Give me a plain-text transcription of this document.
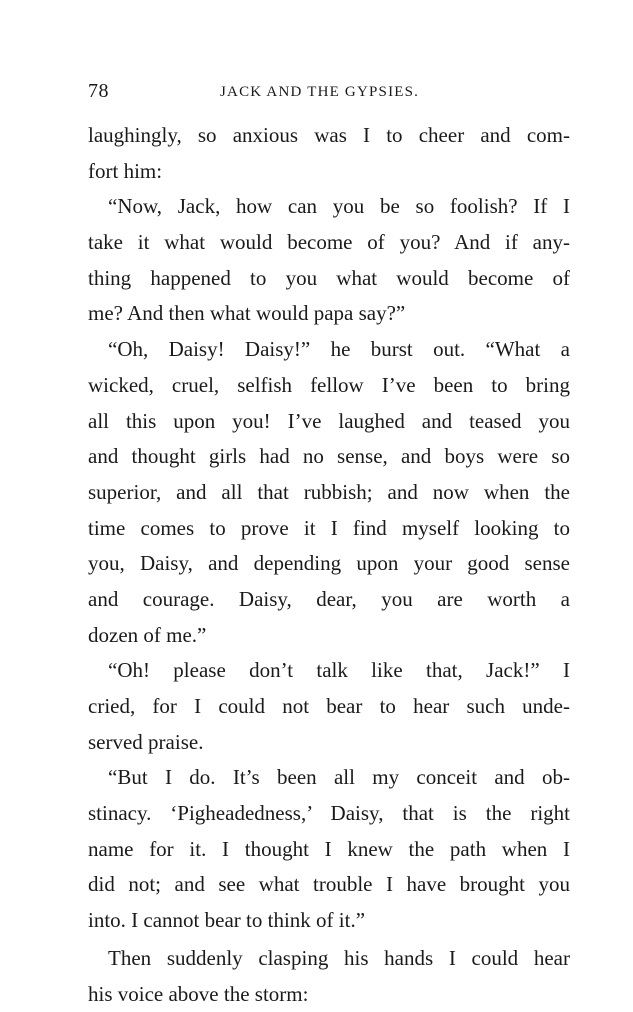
78	JACK AND THE GYPSIES.
laughingly, so anxious was I to cheer and com-
fort him:
“Now, Jack, how can you be so foolish? If I
take it what would become of you? And if any-
thing happened to you what would become of
me? And then what would papa say?”
“Oh, Daisy! Daisy!” he burst out. “What a
wicked, cruel, selfish fellow I’ve been to bring
all this upon you! I’ve laughed and teased you
and thought girls had no sense, and boys were so
superior, and all that rubbish; and now when the
time comes to prove it I find myself looking to
you, Daisy, and depending upon your good sense
and courage. Daisy, dear, you are worth a
dozen of me.”
“Oh! please don’t talk like that, Jack!” I
cried, for I could not bear to hear such unde-
served praise.
“But I do. It’s been all my conceit and ob-
stinacy. ‘Pigheadedness,’ Daisy, that is the right
name for it. I thought I knew the path when I
did not; and see what trouble I have brought you
into. I cannot bear to think of it.”
Then suddenly clasping his hands I could hear
his voice above the storm:
